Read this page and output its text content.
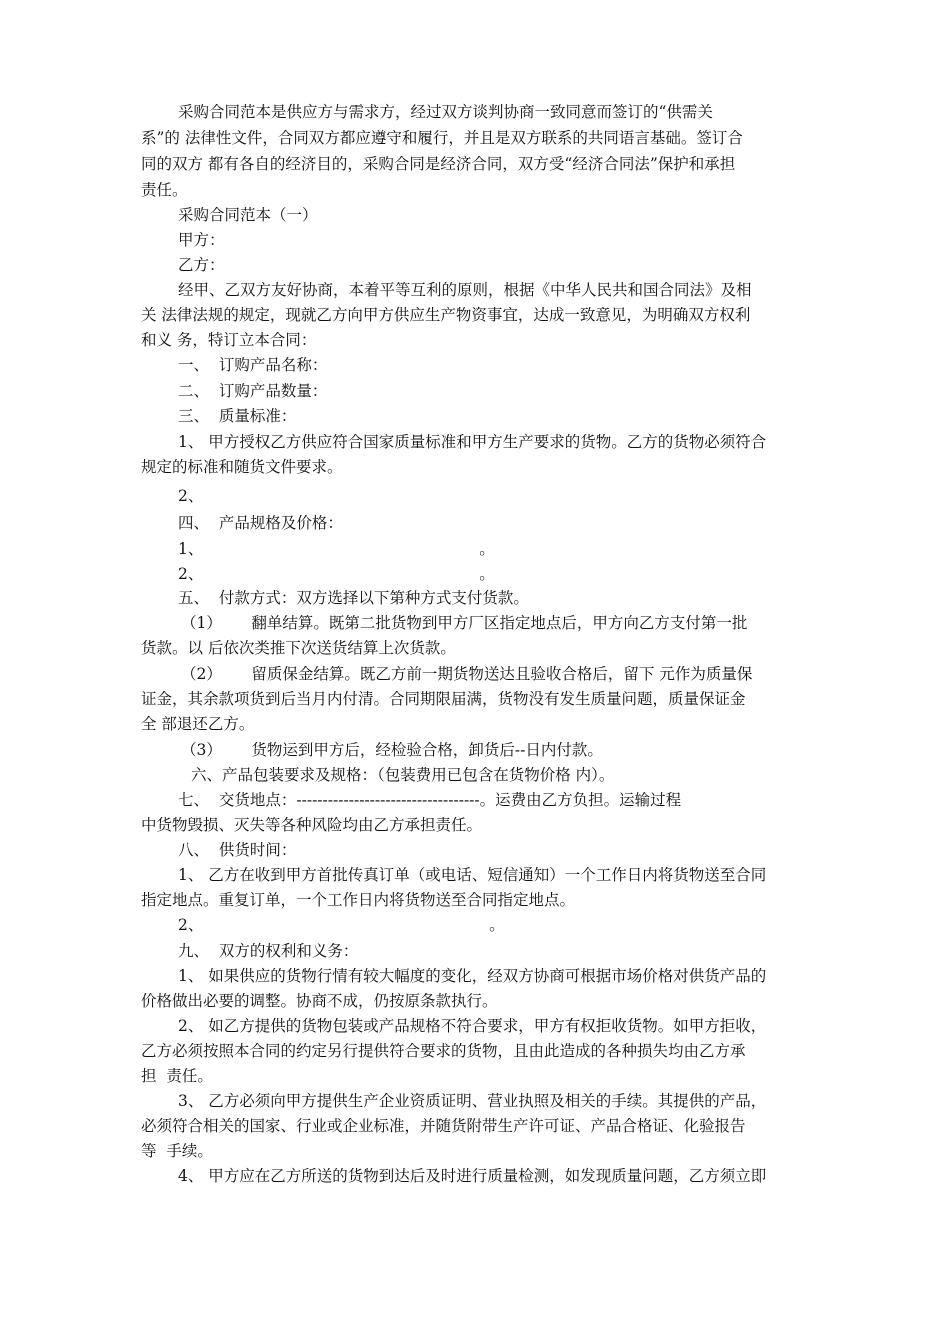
采购合同范本是供应方与需求方，经过双方谈判协商一致同意而签订的“供需关
系”的 法律性文件，合同双方都应遵守和履行，并且是双方联系的共同语言基础。签订合
同的双方 都有各自的经济目的，采购合同是经济合同，双方受“经济合同法”保护和承担
责任。
采购合同范本（一）
甲方：
乙方：
经甲、乙双方友好协商，本着平等互利的原则，根据《中华人民共和国合同法》及相
关 法律法规的规定，现就乙方向甲方供应生产物资事宜，达成一致意见，为明确双方权利
和义 务，特订立本合同：
一、  订购产品名称：
二、  订购产品数量：
三、  质量标准：
1、 甲方授权乙方供应符合国家质量标准和甲方生产要求的货物。乙方的货物必须符合
规定的标准和随货文件要求。
2、
四、  产品规格及价格：
1、                                                        。
2、                                                        。
五、  付款方式：双方选择以下第种方式支付货款。
（1）      翻单结算。既第二批货物到甲方厂区指定地点后，甲方向乙方支付第一批
货款。以 后依次类推下次送货结算上次货款。
（2）      留质保金结算。既乙方前一期货物送达且验收合格后，留下 元作为质量保
证金，其余款项货到后当月内付清。合同期限届满，货物没有发生质量问题，质量保证金
全 部退还乙方。
（3）      货物运到甲方后，经检验合格，卸货后--日内付款。
六、产品包装要求及规格：（包装费用已包含在货物价格 内）。
七、  交货地点：-----------------------------------。运费由乙方负担。运输过程
中货物毁损、灭失等各种风险均由乙方承担责任。
八、  供货时间：
1、 乙方在收到甲方首批传真订单（或电话、短信通知）一个工作日内将货物送至合同
指定地点。重复订单，一个工作日内将货物送至合同指定地点。
2、                                                          。
九、  双方的权利和义务：
1、 如果供应的货物行情有较大幅度的变化，经双方协商可根据市场价格对供货产品的
价格做出必要的调整。协商不成，仍按原条款执行。
2、 如乙方提供的货物包装或产品规格不符合要求，甲方有权拒收货物。如甲方拒收，
乙方必须按照本合同的约定另行提供符合要求的货物，且由此造成的各种损失均由乙方承
担  责任。
3、 乙方必须向甲方提供生产企业资质证明、营业执照及相关的手续。其提供的产品，
必须符合相关的国家、行业或企业标准，并随货附带生产许可证、产品合格证、化验报告
等  手续。
4、 甲方应在乙方所送的货物到达后及时进行质量检测，如发现质量问题，乙方须立即
